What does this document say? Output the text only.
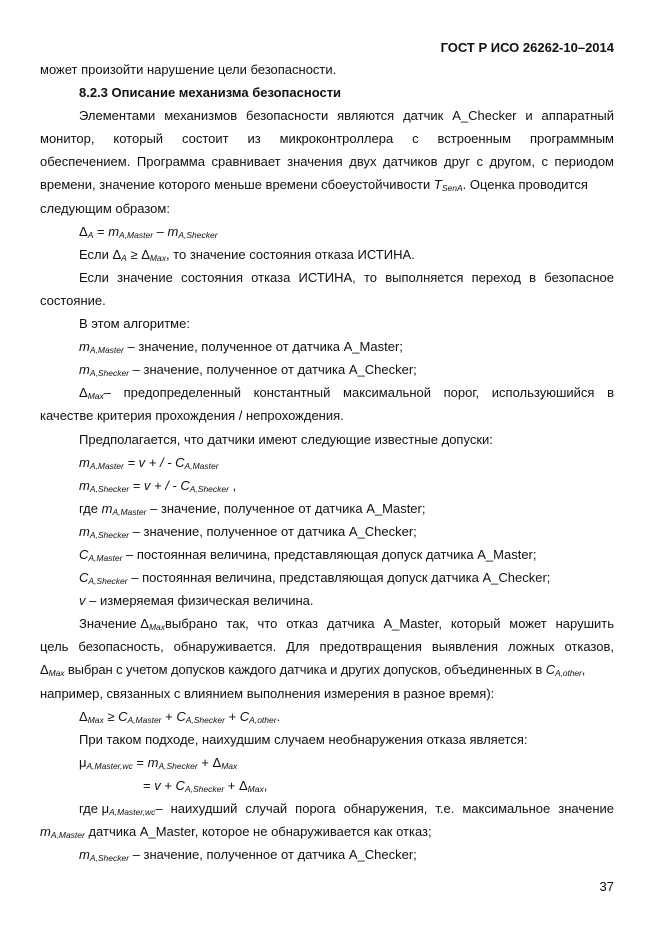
ГОСТ Р ИСО 26262-10–2014
может произойти нарушение цели безопасности.
8.2.3 Описание механизма безопасности
Элементами механизмов безопасности являются датчик A_Checker и аппаратный
монитор, который состоит из микроконтроллера с встроенным программным
обеспечением. Программа сравнивает значения двух датчиков друг с другом, с периодом
времени, значение которого меньше времени сбоеустойчивости $T_{SenA}$. Оценка проводится
следующим образом:
$\Delta_A = m_{A,Master} - m_{A,Shecker}$
Если $\Delta_A \ge \Delta_{Max}$, то значение состояния отказа ИСТИНА.
Если значение состояния отказа ИСТИНА, то выполняется переход в безопасное
состояние.
В этом алгоритме:
$m_{A,Master}$ – значение, полученное от датчика A_Master;
$m_{A,Shecker}$ – значение, полученное от датчика A_Checker;
$\Delta_{Max}$ – предопределенный константный максимальной порог, используюшийся в
качестве критерия прохождения / непрохождения.
Предполагается, что датчики имеют следующие известные допуски:
$m_{A,Master} = v$ + / - $C_{A,Master}$
$m_{A,Shecker} = v$ + / - $C_{A,Shecker}$ ,
где $m_{A,Master}$ – значение, полученное от датчика A_Master;
$m_{A,Shecker}$ – значение, полученное от датчика A_Checker;
$C_{A,Master}$ – постоянная величина, представляющая допуск датчика A_Master;
$C_{A,Shecker}$ – постоянная величина, представляющая допуск датчика A_Checker;
v – измеряемая физическая величина.
Значение $\Delta_{Max}$ выбрано так, что отказ датчика A_Master, который может нарушить
цель безопасность, обнаруживается. Для предотвращения выявления ложных отказов,
$\Delta_{Max}$ выбран с учетом допусков каждого датчика и других допусков, объединенных в $C_{A,other}$,
например, связанных с влиянием выполнения измерения в разное время):
$\Delta_{Max} \ge C_{A,Master} + C_{A,Shecker} + C_{A,other}$.
При таком подходе, наихудшим случаем необнаружения отказа является:
$\mu_{A,Master,wc} = m_{A,Shecker} + \Delta_{Max}$
= $v + C_{A,Shecker} + \Delta_{Max}$,
где $\mu_{A,Master,wc}$ – наихудший случай порога обнаружения, т.е. максимальное значение
$m_{A,Master}$ датчика A_Master, которое не обнаруживается как отказ;
$m_{A,Shecker}$ – значение, полученное от датчика A_Checker;
37
